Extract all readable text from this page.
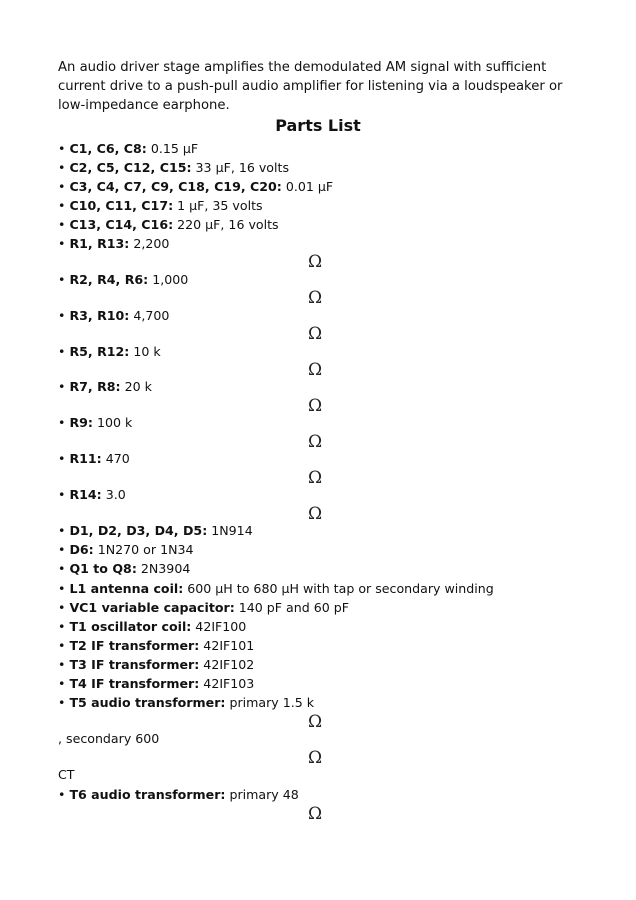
An audio driver stage amplifies the demodulated AM signal with sufficient current drive to a push-pull audio amplifier for listening via a loudspeaker or low-impedance earphone.

Parts List
• C1, C6, C8: 0.15 µF
• C2, C5, C12, C15: 33 µF, 16 volts
• C3, C4, C7, C9, C18, C19, C20: 0.01 µF
• C10, C11, C17: 1 µF, 35 volts
• C13, C14, C16: 220 µF, 16 volts
• R1, R13: 2,200
Ω
• R2, R4, R6: 1,000
Ω
• R3, R10: 4,700
Ω
• R5, R12: 10 k
Ω
• R7, R8: 20 k
Ω
• R9: 100 k
Ω
• R11: 470
Ω
• R14: 3.0
Ω
• D1, D2, D3, D4, D5: 1N914
• D6: 1N270 or 1N34
• Q1 to Q8: 2N3904
• L1 antenna coil: 600 µH to 680 µH with tap or secondary winding
• VC1 variable capacitor: 140 pF and 60 pF
• T1 oscillator coil: 42IF100
• T2 IF transformer: 42IF101
• T3 IF transformer: 42IF102
• T4 IF transformer: 42IF103
• T5 audio transformer: primary 1.5 k
Ω
, secondary 600
Ω
CT
• T6 audio transformer: primary 48
Ω
